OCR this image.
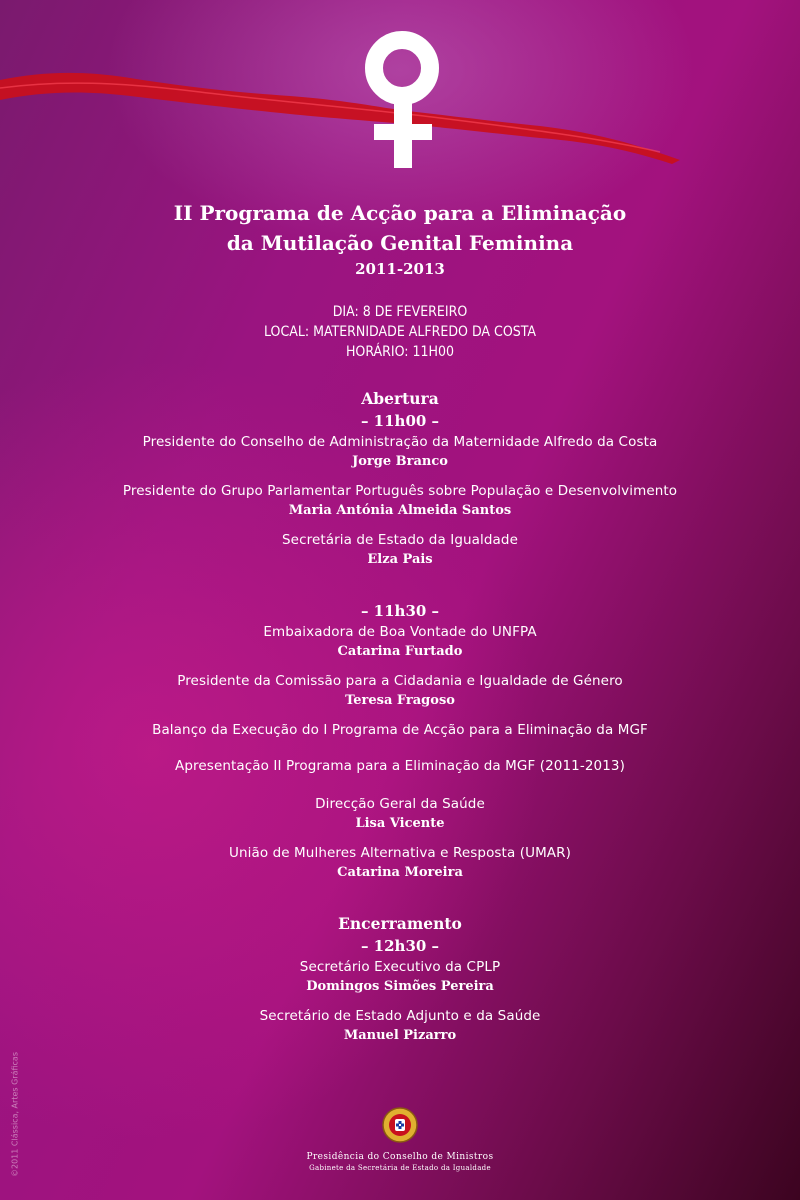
II Programa de Acção para a Eliminação
da Mutilação Genital Feminina
2011-2013
DIA: 8 DE FEVEREIRO
LOCAL: MATERNIDADE ALFREDO DA COSTA
HORÁRIO: 11H00
Abertura
– 11h00 –
Presidente do Conselho de Administração da Maternidade Alfredo da Costa
Jorge Branco
Presidente do Grupo Parlamentar Português sobre População e Desenvolvimento
Maria Antónia Almeida Santos
Secretária de Estado da Igualdade
Elza Pais
– 11h30 –
Embaixadora de Boa Vontade do UNFPA
Catarina Furtado
Presidente da Comissão para a Cidadania e Igualdade de Género
Teresa Fragoso
Balanço da Execução do I Programa de Acção para a Eliminação da MGF
Apresentação II Programa para a Eliminação da MGF (2011-2013)
Direcção Geral da Saúde
Lisa Vicente
União de Mulheres Alternativa e Resposta (UMAR)
Catarina Moreira
Encerramento
– 12h30 –
Secretário Executivo da CPLP
Domingos Simões Pereira
Secretário de Estado Adjunto e da Saúde
Manuel Pizarro
Presidência do Conselho de Ministros
Gabinete da Secretária de Estado da Igualdade
©2011 Clássica, Artes Gráficas
